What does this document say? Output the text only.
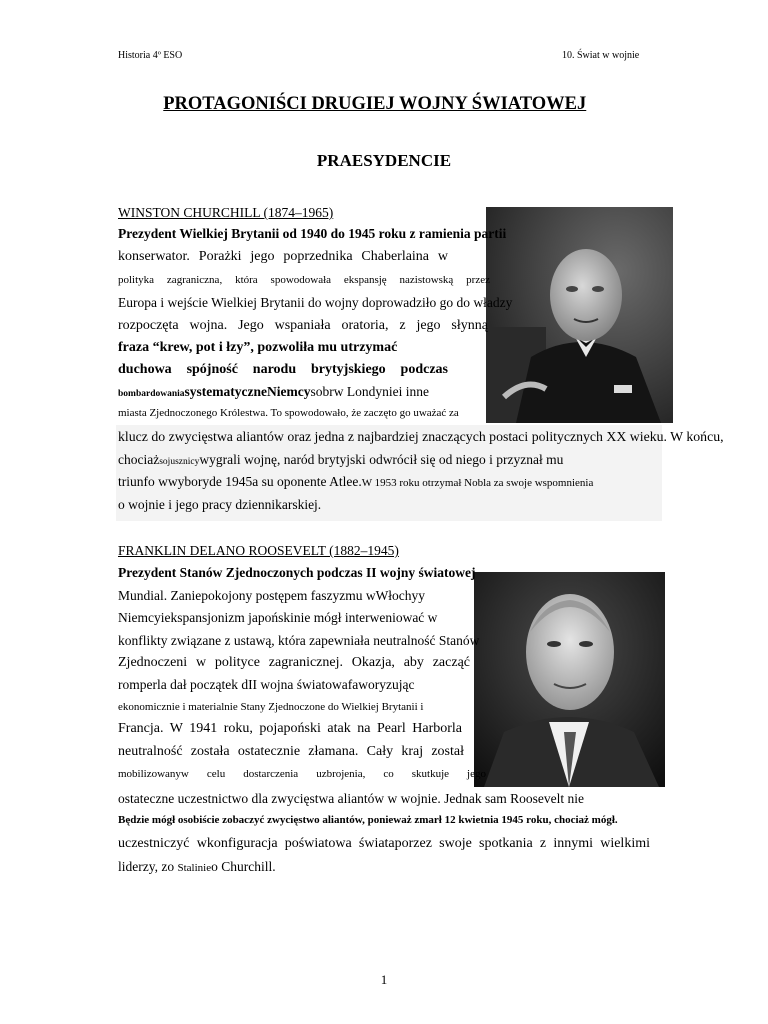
Historia 4º ESO	10. Świat w wojnie
PROTAGONIŚCI DRUGIEJ WOJNY ŚWIATOWEJ
PRAESYDENCIE
WINSTON CHURCHILL (1874–1965)
Prezydent Wielkiej Brytanii od 1940 do 1945 roku z ramienia partii
konserwator. Porażki jego poprzednika Chaberlaina w
polityka zagraniczna, która spowodowała ekspansję nazistowską przez
Europa i wejście Wielkiej Brytanii do wojny doprowadziło go do władzy
rozpoczęta wojna. Jego wspaniała oratoria, z jego słynną
fraza “krew, pot i łzy”, pozwoliła mu utrzymać
duchowa spójność narodu brytyjskiego podczas
bombardowaniasystematyczneNiemcysobrw Londyniei inne
miasta Zjednoczonego Królestwa. To spowodowało, że zaczęto go uważać za
klucz do zwycięstwa aliantów oraz jedna z najbardziej znaczących postaci politycznych XX wieku. W końcu,
chociażsojusznicywygrali wojnę, naród brytyjski odwrócił się od niego i przyznał mu
triunfo wwyboryde 1945a su oponente Atlee.W 1953 roku otrzymał Nobla za swoje wspomnienia
o wojnie i jego pracy dziennikarskiej.
FRANKLIN DELANO ROOSEVELT (1882–1945)
Prezydent Stanów Zjednoczonych podczas II wojny światowej
Mundial. Zaniepokojony postępem faszyzmu wWłochyy
Niemcyiekspansjonizm japońskinie mógł interweniować w
konflikty związane z ustawą, która zapewniała neutralność Stanów
Zjednoczeni w polityce zagranicznej. Okazja, aby zacząć
romperla dał początek dII wojna światowafaworyzując
ekonomicznie i materialnie Stany Zjednoczone do Wielkiej Brytanii i
Francja. W 1941 roku, pojapoński atak na Pearl Harborla
neutralność została ostatecznie złamana. Cały kraj został
mobilizowanyw celu dostarczenia uzbrojenia, co skutkuje jego
ostateczne uczestnictwo dla zwycięstwa aliantów w wojnie. Jednak sam Roosevelt nie
Będzie mógł osobiście zobaczyć zwycięstwo aliantów, ponieważ zmarł 12 kwietnia 1945 roku, chociaż mógł.
uczestniczyć wkonfiguracja poświatowa świataporzez swoje spotkania z innymi wielkimi
liderzy, zo Stalinieo Churchill.
1
